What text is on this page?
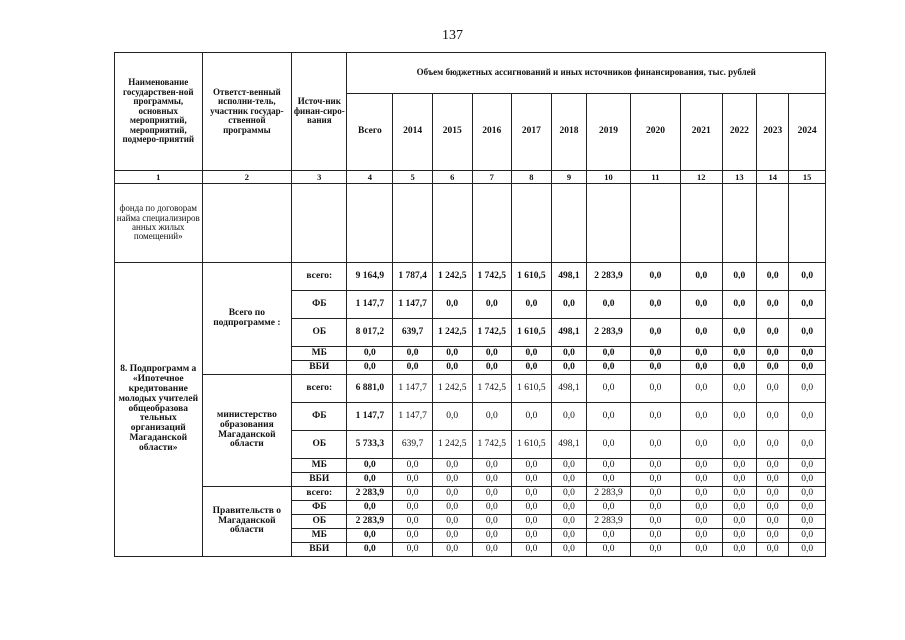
137
Наименование государствен-ной программы, основных мероприятий, мероприятий, подмеро-приятий	Ответст-венный исполни-тель, участник государ-ственной программы	Источ-ник финан-сиро-вания	Объем бюджетных ассигнований и иных источников финансирования, тыс. рублей											
			Всего	2014	2015	2016	2017	2018	2019	2020	2021	2022	2023	2024
1	2	3	4	5	6	7	8	9	10	11	12	13	14	15
фонда по договорам найма специализиров анных жилых помещений»														
8. Подпрограмм а «Ипотечное кредитование молодых учителей общеобразова тельных организаций Магаданской области»	Всего по подпрограмме :	всего:	9 164,9	1 787,4	1 242,5	1 742,5	1 610,5	498,1	2 283,9	0,0	0,0	0,0	0,0	0,0
		ФБ	1 147,7	1 147,7	0,0	0,0	0,0	0,0	0,0	0,0	0,0	0,0	0,0	0,0
		ОБ	8 017,2	639,7	1 242,5	1 742,5	1 610,5	498,1	2 283,9	0,0	0,0	0,0	0,0	0,0
		МБ	0,0	0,0	0,0	0,0	0,0	0,0	0,0	0,0	0,0	0,0	0,0	0,0
		ВБИ	0,0	0,0	0,0	0,0	0,0	0,0	0,0	0,0	0,0	0,0	0,0	0,0
	министерство образования Магаданской области	всего:	6 881,0	1 147,7	1 242,5	1 742,5	1 610,5	498,1	0,0	0,0	0,0	0,0	0,0	0,0
		ФБ	1 147,7	1 147,7	0,0	0,0	0,0	0,0	0,0	0,0	0,0	0,0	0,0	0,0
		ОБ	5 733,3	639,7	1 242,5	1 742,5	1 610,5	498,1	0,0	0,0	0,0	0,0	0,0	0,0
		МБ	0,0	0,0	0,0	0,0	0,0	0,0	0,0	0,0	0,0	0,0	0,0	0,0
		ВБИ	0,0	0,0	0,0	0,0	0,0	0,0	0,0	0,0	0,0	0,0	0,0	0,0
	Правительств о Магаданской области	всего:	2 283,9	0,0	0,0	0,0	0,0	0,0	2 283,9	0,0	0,0	0,0	0,0	0,0
		ФБ	0,0	0,0	0,0	0,0	0,0	0,0	0,0	0,0	0,0	0,0	0,0	0,0
		ОБ	2 283,9	0,0	0,0	0,0	0,0	0,0	2 283,9	0,0	0,0	0,0	0,0	0,0
		МБ	0,0	0,0	0,0	0,0	0,0	0,0	0,0	0,0	0,0	0,0	0,0	0,0
		ВБИ	0,0	0,0	0,0	0,0	0,0	0,0	0,0	0,0	0,0	0,0	0,0	0,0
